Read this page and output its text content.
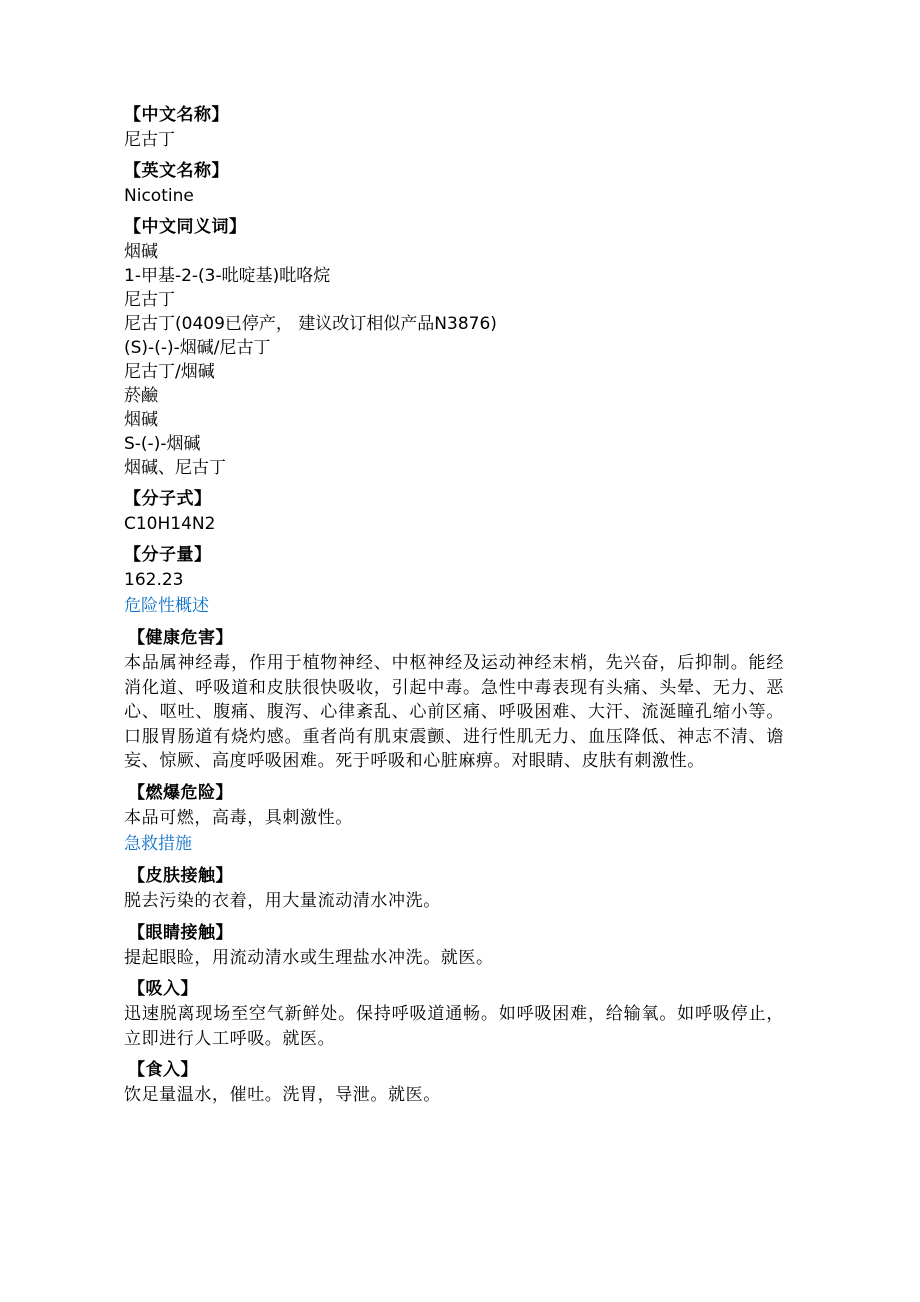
【中文名称】
尼古丁
【英文名称】
Nicotine
【中文同义词】
烟碱
1-甲基-2-(3-吡啶基)吡咯烷
尼古丁
尼古丁(0409已停产， 建议改订相似产品N3876)
(S)-(-)-烟碱/尼古丁
尼古丁/烟碱
菸鹼
烟碱
S-(-)-烟碱
烟碱、尼古丁
【分子式】
C10H14N2
【分子量】
162.23
危险性概述
【健康危害】
本品属神经毒，作用于植物神经、中枢神经及运动神经末梢，先兴奋，后抑制。能经消化道、呼吸道和皮肤很快吸收，引起中毒。急性中毒表现有头痛、头晕、无力、恶心、呕吐、腹痛、腹泻、心律紊乱、心前区痛、呼吸困难、大汗、流涎瞳孔缩小等。口服胃肠道有烧灼感。重者尚有肌束震颤、进行性肌无力、血压降低、神志不清、谵妄、惊厥、高度呼吸困难。死于呼吸和心脏麻痹。对眼睛、皮肤有刺激性。
【燃爆危险】
本品可燃，高毒，具刺激性。
急救措施
【皮肤接触】
脱去污染的衣着，用大量流动清水冲洗。
【眼睛接触】
提起眼睑，用流动清水或生理盐水冲洗。就医。
【吸入】
迅速脱离现场至空气新鲜处。保持呼吸道通畅。如呼吸困难，给输氧。如呼吸停止，立即进行人工呼吸。就医。
【食入】
饮足量温水，催吐。洗胃，导泄。就医。
